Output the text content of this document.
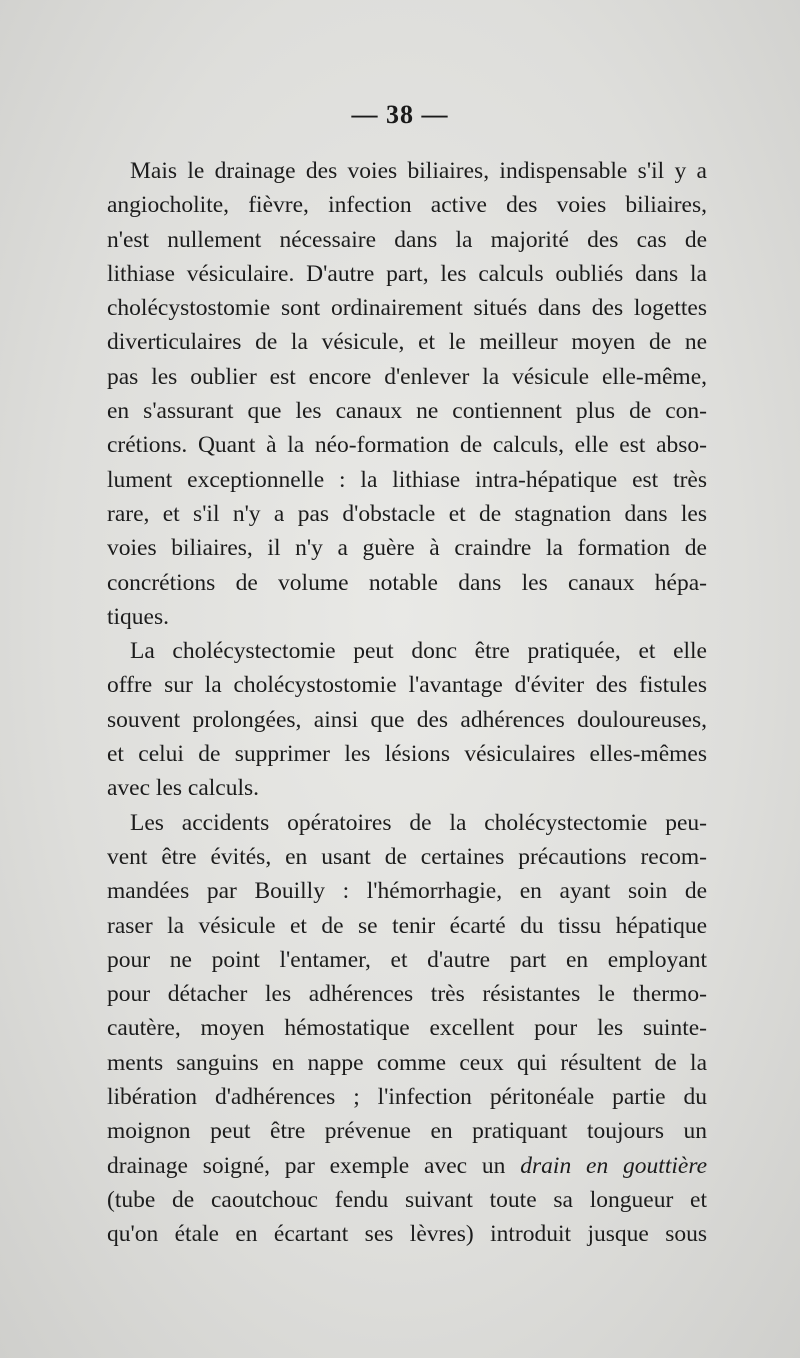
— 38 —
Mais le drainage des voies biliaires, indispensable s'il y a
angiocholite, fièvre, infection active des voies biliaires,
n'est nullement nécessaire dans la majorité des cas de
lithiase vésiculaire. D'autre part, les calculs oubliés dans la
cholécystostomie sont ordinairement situés dans des logettes
diverticulaires de la vésicule, et le meilleur moyen de ne
pas les oublier est encore d'enlever la vésicule elle-même,
en s'assurant que les canaux ne contiennent plus de con-
crétions. Quant à la néo-formation de calculs, elle est abso-
lument exceptionnelle : la lithiase intra-hépatique est très
rare, et s'il n'y a pas d'obstacle et de stagnation dans les
voies biliaires, il n'y a guère à craindre la formation de
concrétions de volume notable dans les canaux hépa-
tiques.
La cholécystectomie peut donc être pratiquée, et elle
offre sur la cholécystostomie l'avantage d'éviter des fistules
souvent prolongées, ainsi que des adhérences douloureuses,
et celui de supprimer les lésions vésiculaires elles-mêmes
avec les calculs.
Les accidents opératoires de la cholécystectomie peu-
vent être évités, en usant de certaines précautions recom-
mandées par Bouilly : l'hémorrhagie, en ayant soin de
raser la vésicule et de se tenir écarté du tissu hépatique
pour ne point l'entamer, et d'autre part en employant
pour détacher les adhérences très résistantes le thermo-
cautère, moyen hémostatique excellent pour les suinte-
ments sanguins en nappe comme ceux qui résultent de la
libération d'adhérences ; l'infection péritonéale partie du
moignon peut être prévenue en pratiquant toujours un
drainage soigné, par exemple avec un drain en gouttière
(tube de caoutchouc fendu suivant toute sa longueur et
qu'on étale en écartant ses lèvres) introduit jusque sous
